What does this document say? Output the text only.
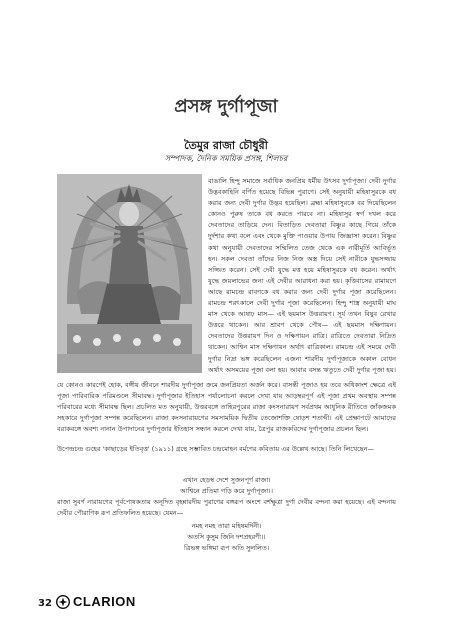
প্রসঙ্গ দুর্গাপূজা
তৈমুর রাজা চৌধুরী
সম্পাদক, দৈনিক সময়িক প্রসঙ্গ, শিলচর

বাঙালি হিন্দু সমাজে সর্বাধিক জনপ্রিয় ধর্মীয় উৎসব দুর্গাপূজা। দেবী দুর্গার উদ্ভবকাহিনি বর্ণিত হয়েছে বিভিন্ন পুরাণে। সেই অনুযায়ী মহিষাসুরকে বধ করার জন্য দেবী দুর্গার উদ্ভব হয়েছিল। ব্রহ্মা মহিষাসুরকে বর দিয়েছিলেন কোনও পুরুষ তাকে বধ করতে পারবে না। মহিষাসুর স্বর্গ দখল করে দেবতাদের তাড়িয়ে দেন। বিতাড়িত দেবতারা বিষ্ণুর কাছে গিয়ে তাঁকে দুর্দশার কথা বলে এবং থেকে মুক্তি পাওয়ার উপায় জিজ্ঞাসা করেন। বিষ্ণুর কথা অনুযায়ী দেবতাদের সম্মিলিত তেজ থেকে এক নারীমূর্তি আবির্ভূত হন। সকল দেবতা তাঁদের নিজ নিজ অস্ত্র দিয়ে সেই নারীকে যুদ্ধসজ্জায় সজ্জিত করেন। সেই দেবী যুদ্ধে মত্ত হয়ে মহিষাসুরকে বধ করেন। অর্থাৎ যুদ্ধে জয়লাভের জন্য এই দেবীর আরাধনা করা হয়। কৃত্তিবাসের রামায়ণে আছে রামচন্দ্র রাবণকে বধ করার জন্য দেবী দুর্গার পূজা করেছিলেন। রামচন্দ্র শরৎকালে দেবী দুর্গার পূজা করেছিলেন। হিন্দু শাস্ত্র অনুযায়ী মাঘ মাস থেকে আষাঢ় মাস— এই ছয়মাস উত্তরায়ণ। সূর্য তখন বিষুব রেখার উত্তরে থাকেন। আর শ্রাবণ থেকে পৌষ— এই ছয়মাস দক্ষিণায়ন। দেবতাদের উত্তরায়ণ দিন ও দক্ষিণায়ন রাত্রি। রাত্রিতে দেবতারা নিদ্রিত থাকেন। আশ্বিন মাস দক্ষিণায়ন অর্থাৎ রাত্রিকাল। রামচন্দ্র এই সময়ে দেবী দুর্গার নিদ্রা ভঙ্গ করেছিলেন এজন্য শারদীয় দুর্গাপূজাকে অকাল বোধন অর্থাৎ অসময়ের পূজা বলা হয়। আবার বসন্ত ঋতুতে দেবী দুর্গার পূজা হয়।

যে কোনও কারণেই হোক, বঙ্গীয় জীবনে শারদীয় দুর্গাপূজা ক্রমে জনপ্রিয়তা অর্জন করে। বাসন্তী পূজাও হয় তবে অধিকাংশ ক্ষেত্রে এই পূজা পারিবারিক পরিমণ্ডলে সীমাবদ্ধ। দুর্গাপূজার ইতিহাস পর্যালোচনা করলে দেখা যায় আড়ম্বরপূর্ণ এই পূজা প্রথম অবস্থায় সম্পন্ন পরিবারের মধ্যে সীমাবদ্ধ ছিল। প্রচলিত মত অনুযায়ী, উত্তরবঙ্গে তাহিরপুরের রাজা কংসনারায়ণ সর্বপ্রথম আধুনিক রীতিতে জাঁকজমক সহকারে দুর্গাপূজা সম্পন্ন করেছিলেন। রাজা কংসনারায়ণের সমসাময়িক দ্বিতীয় তেজোশক্তি ষোড়শ শতাব্দী। এই প্রেক্ষাপটে আমাদের বরাকবঙ্গে অবশ্য নানান উপাদানের দুর্গাপূজার ইতিহাস সন্ধান করলে দেখা যায়, ত্রৈপুর রাজকবিদের দুর্গাপূজার প্রচলন ছিল।

উপেন্দ্রচন্দ্র গুহের 'কাছাড়ের ইতিবৃত্ত' (১৯১১) গ্রন্থে সম্ভাবিত চন্দ্রমোহন বর্মণের কবিতায় এর উল্লেখ আছে। তিনি লিখেছেন—

এখান হেড়ম্ব দেশে সুজনপূর্ণ রাজা।
আশ্বিনে প্রতিমা গড়ি করে দুর্গাপূজা।।

রাজা সুবর্ণ নারায়ণের পূর্বপোষকতায় অনূদিত বৃহন্নারদীয় পুরাণের বঙ্গরূপ অংশে বর্শক্ষুত্রা দুর্গা দেবীর বন্দনা করা হয়েছে। এই বন্দনায় দেবীর পৌরাণিক রূপ প্রতিফলিত হয়েছে। যেমন—

নমহ নমহ তারা মহিষমর্দিনী।
অতসি কুসুম জিনি দশপ্রহরণী।।
ত্রিভঙ্গ ভঙ্গিমা রূপ অতি সুললিত।
32 CLARION
